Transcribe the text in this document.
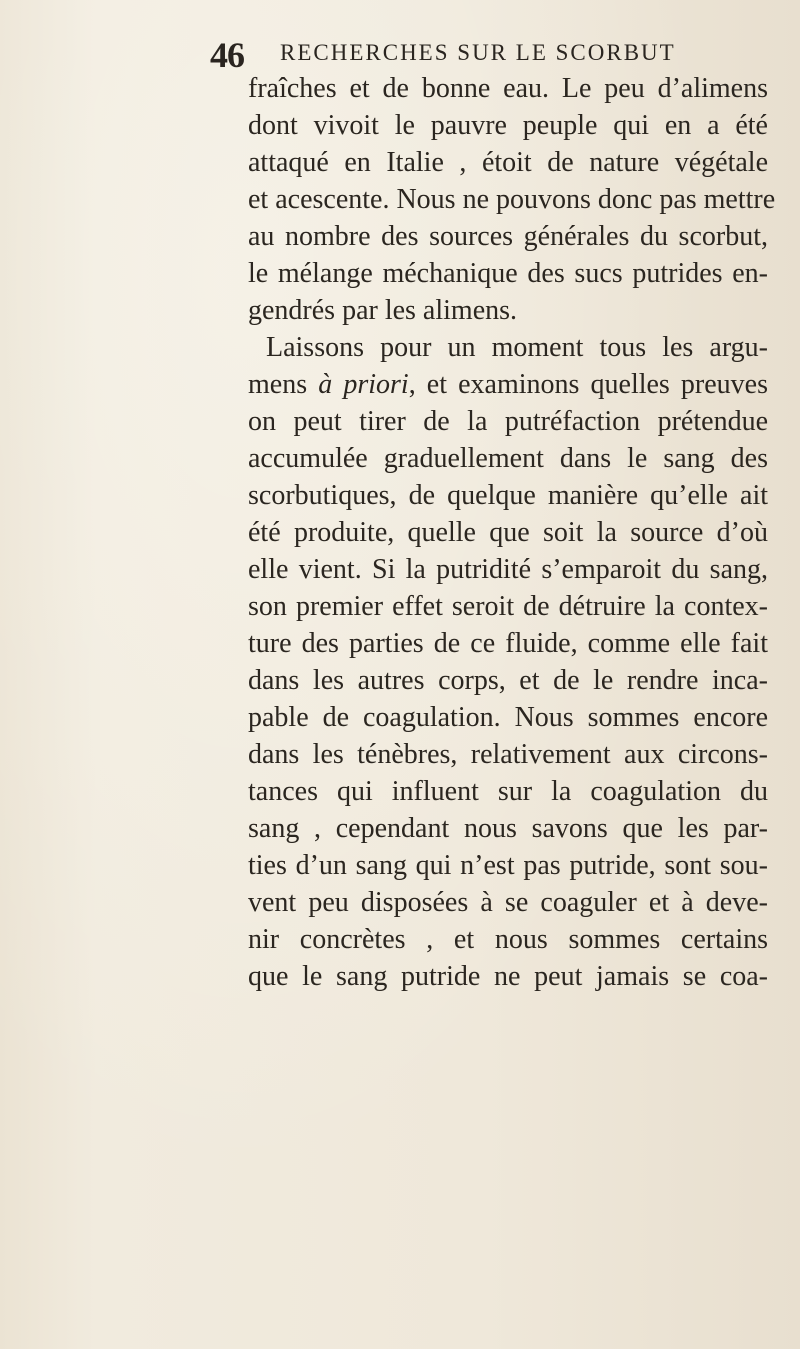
46 RECHERCHES SUR LE SCORBUT
fraîches et de bonne eau. Le peu d’alimens
dont vivoit le pauvre peuple qui en a été
attaqué en Italie , étoit de nature végétale
et acescente. Nous ne pouvons donc pas mettre
au nombre des sources générales du scorbut,
le mélange méchanique des sucs putrides en-
gendrés par les alimens.
Laissons pour un moment tous les argu-
mens à priori, et examinons quelles preuves
on peut tirer de la putréfaction prétendue
accumulée graduellement dans le sang des
scorbutiques, de quelque manière qu’elle ait
été produite, quelle que soit la source d’où
elle vient. Si la putridité s’emparoit du sang,
son premier effet seroit de détruire la contex-
ture des parties de ce fluide, comme elle fait
dans les autres corps, et de le rendre inca-
pable de coagulation. Nous sommes encore
dans les ténèbres, relativement aux circons-
tances qui influent sur la coagulation du
sang , cependant nous savons que les par-
ties d’un sang qui n’est pas putride, sont sou-
vent peu disposées à se coaguler et à deve-
nir concrètes , et nous sommes certains
que le sang putride ne peut jamais se coa-
